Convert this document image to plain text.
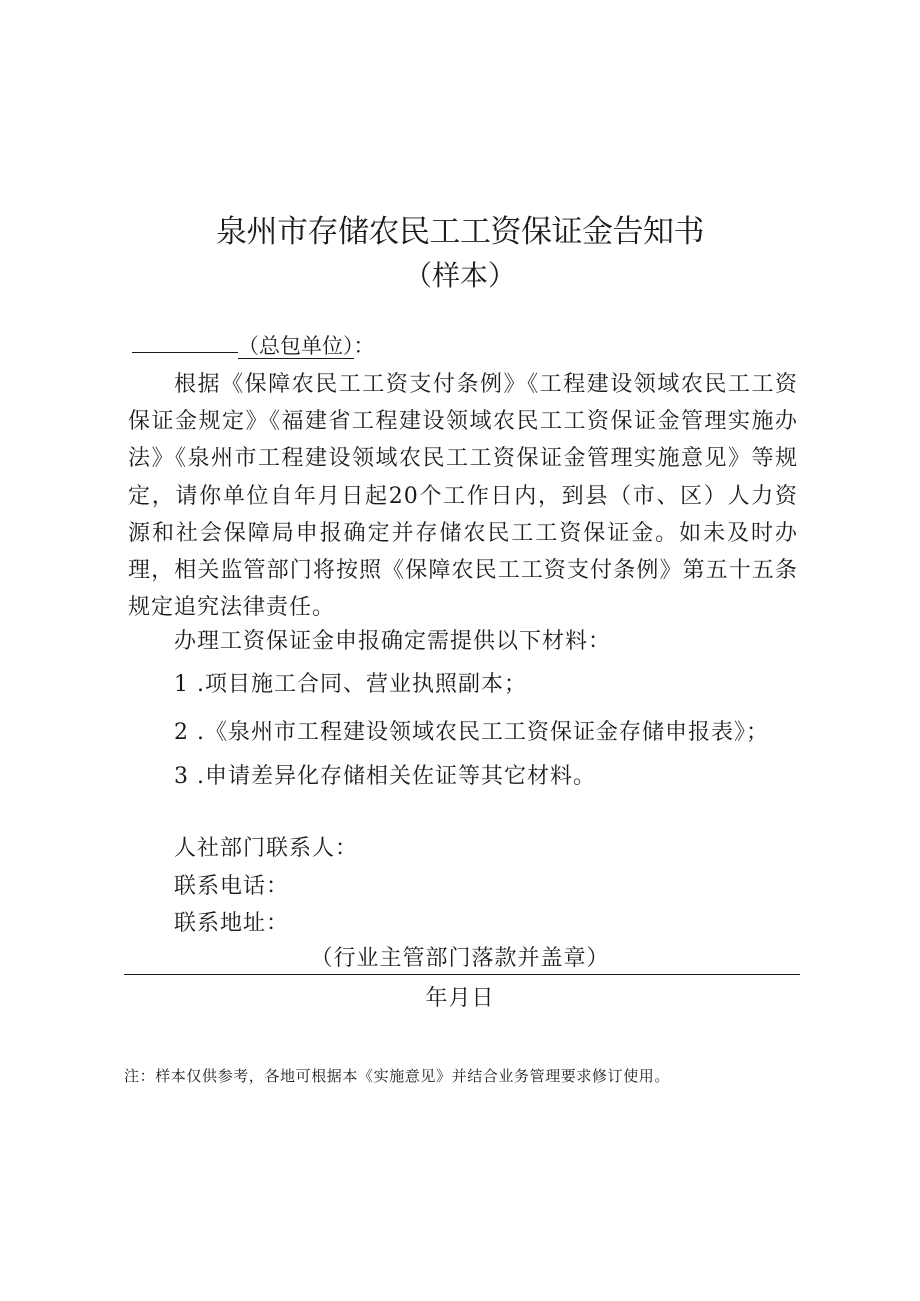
泉州市存储农民工工资保证金告知书
（样本）
（总包单位）：

根据《保障农民工工资支付条例》《工程建设领域农民工工资保证金规定》《福建省工程建设领域农民工工资保证金管理实施办法》《泉州市工程建设领域农民工工资保证金管理实施意见》等规定，请你单位自年月日起20个工作日内，到县（市、区）人力资源和社会保障局申报确定并存储农民工工资保证金。如未及时办理，相关监管部门将按照《保障农民工工资支付条例》第五十五条规定追究法律责任。

办理工资保证金申报确定需提供以下材料：

1 .项目施工合同、营业执照副本；

2 .《泉州市工程建设领域农民工工资保证金存储申报表》；

3 .申请差异化存储相关佐证等其它材料。

人社部门联系人：

联系电话：

联系地址：

（行业主管部门落款并盖章）
年月日

注：样本仅供参考，各地可根据本《实施意见》并结合业务管理要求修订使用。
